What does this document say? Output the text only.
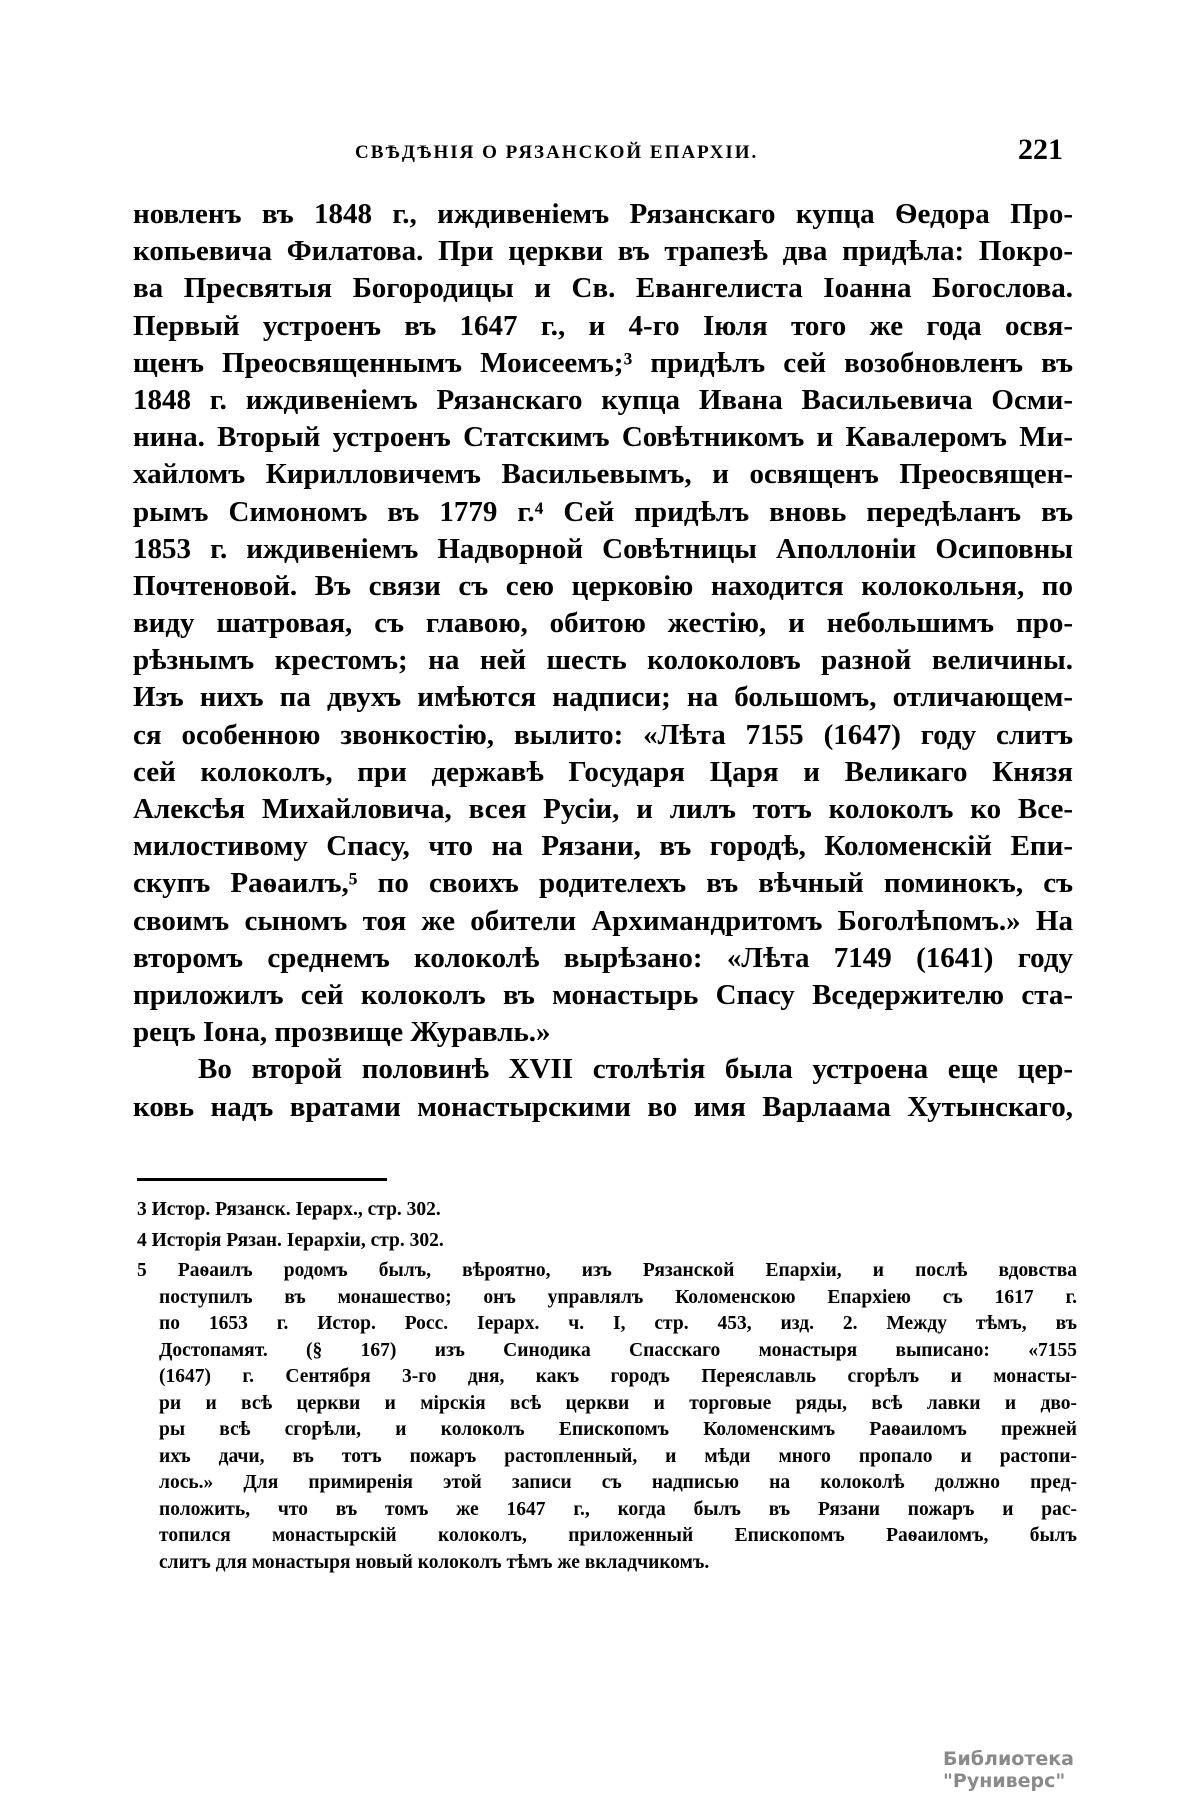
СВѢДѢНІЯ О РЯЗАНСКОЙ ЕПАРХІИ.	221
новленъ въ 1848 г., иждивеніемъ Рязанскаго купца Ѳедора Про-
копьевича Филатова. При церкви въ трапезѣ два придѣла: Покро-
ва Пресвятыя Богородицы и Св. Евангелиста Іоанна Богослова.
Первый устроенъ въ 1647 г., и 4-го Іюля того же года освя-
щенъ Преосвященнымъ Моисеемъ;³ придѣлъ сей возобновленъ въ
1848 г. иждивеніемъ Рязанскаго купца Ивана Васильевича Осми-
нина. Вторый устроенъ Статскимъ Совѣтникомъ и Кавалеромъ Ми-
хайломъ Кирилловичемъ Васильевымъ, и освященъ Преосвящен-
рымъ Симономъ въ 1779 г.⁴ Сей придѣлъ вновь передѣланъ въ
1853 г. иждивеніемъ Надворной Совѣтницы Аполлоніи Осиповны
Почтеновой. Въ связи съ сею церковію находится колокольня, по
виду шатровая, съ главою, обитою жестію, и небольшимъ про-
рѣзнымъ крестомъ; на ней шесть колоколовъ разной величины.
Изъ нихъ па двухъ имѣются надписи; на большомъ, отличающем-
ся особенною звонкостію, вылито: «Лѣта 7155 (1647) году слитъ
сей колоколъ, при державѣ Государя Царя и Великаго Князя
Алексѣя Михайловича, всея Русіи, и лилъ тотъ колоколъ ко Все-
милостивому Спасу, что на Рязани, въ городѣ, Коломенскій Епи-
скупъ Раѳаилъ,⁵ по своихъ родителехъ въ вѣчный поминокъ, съ
своимъ сыномъ тоя же обители Архимандритомъ Боголѣпомъ.» На
второмъ среднемъ колоколѣ вырѣзано: «Лѣта 7149 (1641) году
приложилъ сей колоколъ въ монастырь Спасу Вседержителю ста-
рецъ Іона, прозвище Журавль.»
Во второй половинѣ XVII столѣтія была устроена еще цер-
ковь надъ вратами монастырскими во имя Варлаама Хутынскаго,
3 Истор. Рязанск. Іерарх., стр. 302.
4 Исторія Рязан. Іерархіи, стр. 302.
5 Раѳаилъ родомъ былъ, вѣроятно, изъ Рязанской Епархіи, и послѣ вдовства
поступилъ въ монашество; онъ управлялъ Коломенскою Епархіею съ 1617 г.
по 1653 г. Истор. Росс. Іерарх. ч. I, стр. 453, изд. 2. Между тѣмъ, въ
Достопамят. (§ 167) изъ Синодика Спасскаго монастыря выписано: «7155
(1647) г. Сентября 3-го дня, какъ городъ Переяславль сгорѣлъ и монасты-
ри и всѣ церкви и мірскія всѣ церкви и торговые ряды, всѣ лавки и дво-
ры всѣ сгорѣли, и колоколъ Епископомъ Коломенскимъ Раѳаиломъ прежней
ихъ дачи, въ тотъ пожаръ растопленный, и мѣди много пропало и растопи-
лось.» Для примиренія этой записи съ надписью на колоколѣ должно пред-
положить, что въ томъ же 1647 г., когда былъ въ Рязани пожаръ и рас-
топился монастырскій колоколъ, приложенный Епископомъ Раѳаиломъ, былъ
слитъ для монастыря новый колоколъ тѣмъ же вкладчикомъ.
Библиотека "Руниверс"
